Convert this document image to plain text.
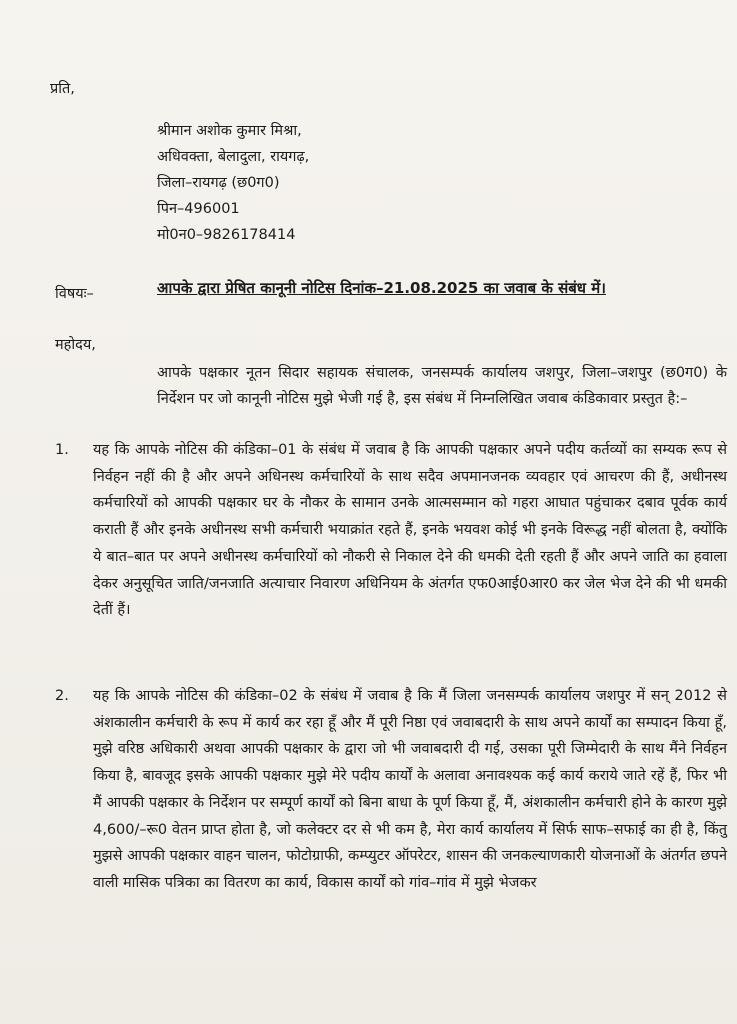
प्रति,
श्रीमान अशोक कुमार मिश्रा,
अधिवक्ता, बेलादुला, रायगढ़,
जिला–रायगढ़ (छ0ग0)
पिन–496001
मो0न0–9826178414
विषयः–	आपके द्वारा प्रेषित कानूनी नोटिस दिनांक–21.08.2025 का जवाब के संबंध में।
महोदय,
आपके पक्षकार नूतन सिदार सहायक संचालक, जनसम्पर्क कार्यालय जशपुर, जिला–जशपुर (छ0ग0) के निर्देशन पर जो कानूनी नोटिस मुझे भेजी गई है, इस संबंध में निम्नलिखित जवाब कंडिकावार प्रस्तुत है:–
1. यह कि आपके नोटिस की कंडिका–01 के संबंध में जवाब है कि आपकी पक्षकार अपने पदीय कर्तव्यों का सम्यक रूप से निर्वहन नहीं की है और अपने अधिनस्थ कर्मचारियों के साथ सदैव अपमानजनक व्यवहार एवं आचरण की हैं, अधीनस्थ कर्मचारियों को आपकी पक्षकार घर के नौकर के सामान उनके आत्मसम्मान को गहरा आघात पहुंचाकर दबाव पूर्वक कार्य कराती हैं और इनके अधीनस्थ सभी कर्मचारी भयाक्रांत रहते हैं, इनके भयवश कोई भी इनके विरूद्ध नहीं बोलता है, क्योंकि ये बात–बात पर अपने अधीनस्थ कर्मचारियों को नौकरी से निकाल देने की धमकी देती रहती हैं और अपने जाति का हवाला देकर अनुसूचित जाति/जनजाति अत्याचार निवारण अधिनियम के अंतर्गत एफ0आई0आर0 कर जेल भेज देने की भी धमकी देतीं हैं।
2. यह कि आपके नोटिस की कंडिका–02 के संबंध में जवाब है कि मैं जिला जनसम्पर्क कार्यालय जशपुर में सन् 2012 से अंशकालीन कर्मचारी के रूप में कार्य कर रहा हूँ और मैं पूरी निष्ठा एवं जवाबदारी के साथ अपने कार्यों का सम्पादन किया हूँ, मुझे वरिष्ठ अधिकारी अथवा आपकी पक्षकार के द्वारा जो भी जवाबदारी दी गई, उसका पूरी जिम्मेदारी के साथ मैंने निर्वहन किया है, बावजूद इसके आपकी पक्षकार मुझे मेरे पदीय कार्यों के अलावा अनावश्यक कई कार्य कराये जाते रहें हैं, फिर भी मैं आपकी पक्षकार के निर्देशन पर सम्पूर्ण कार्यों को बिना बाधा के पूर्ण किया हूँ, मैं, अंशकालीन कर्मचारी होने के कारण मुझे 4,600/–रू0 वेतन प्राप्त होता है, जो कलेक्टर दर से भी कम है, मेरा कार्य कार्यालय में सिर्फ साफ–सफाई का ही है, किंतु मुझसे आपकी पक्षकार वाहन चालन, फोटोग्राफी, कम्प्युटर ऑपरेटर, शासन की जनकल्याणकारी योजनाओं के अंतर्गत छपने वाली मासिक पत्रिका का वितरण का कार्य, विकास कार्यों को गांव–गांव में मुझे भेजकर
